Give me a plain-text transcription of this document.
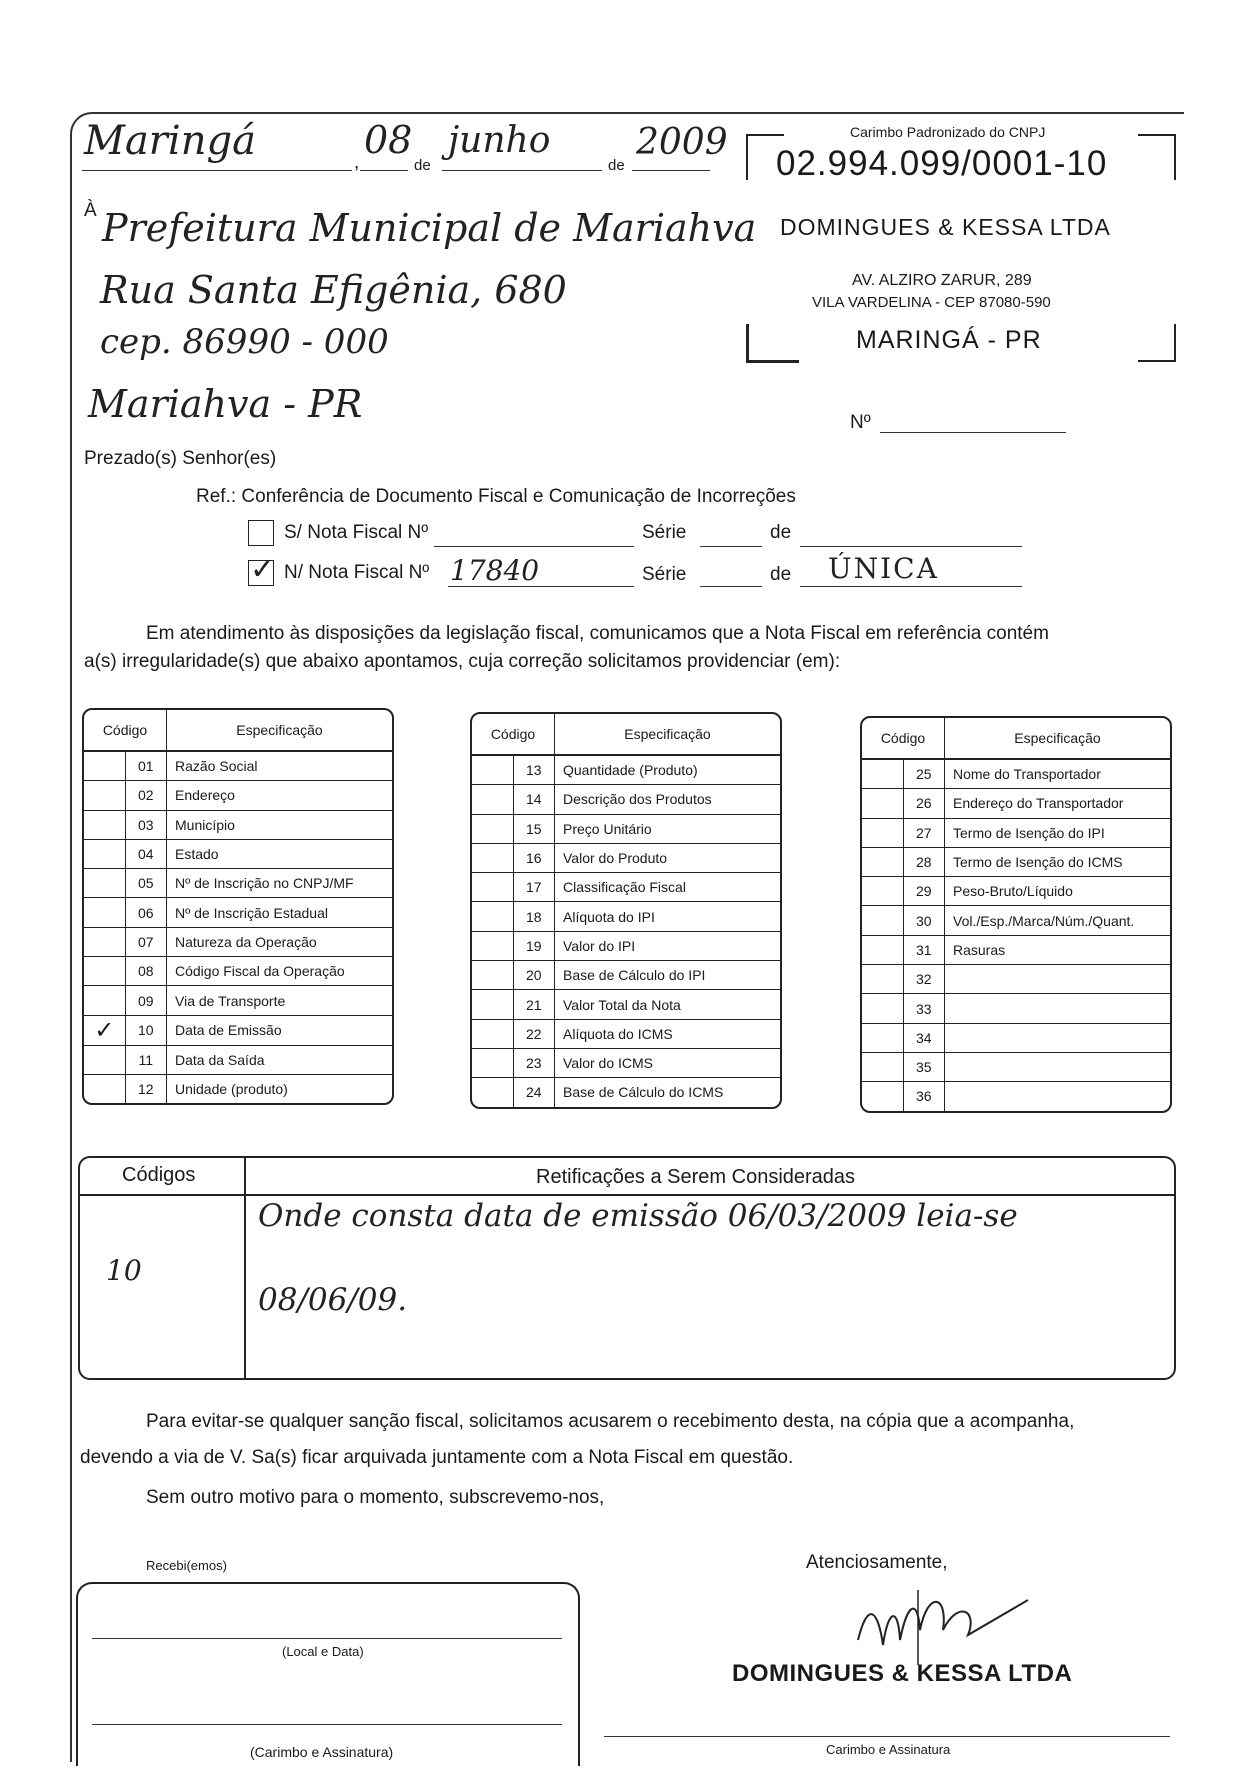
Maringá	,
08
de
junho
de
2009
À Prefeitura Municipal de Mariahva
Rua Santa Efigênia, 680
cep. 86990 - 000
Mariahva - PR
Carimbo Padronizado do CNPJ
02.994.099/0001-10
DOMINGUES & KESSA LTDA
AV. ALZIRO ZARUR, 289
VILA VARDELINA - CEP 87080-590
MARINGÁ - PR
Nº
Prezado(s) Senhor(es)
Ref.: Conferência de Documento Fiscal e Comunicação de Incorreções
S/ Nota Fiscal Nº	Série	de
✓ N/ Nota Fiscal Nº 17840	Série	de ÚNICA
Em atendimento às disposições da legislação fiscal, comunicamos que a Nota Fiscal em referência contém
a(s) irregularidade(s) que abaixo apontamos, cuja correção solicitamos providenciar (em):
Código		Especificação
	01	Razão Social
	02	Endereço
	03	Município
	04	Estado
	05	Nº de Inscrição no CNPJ/MF
	06	Nº de Inscrição Estadual
	07	Natureza da Operação
	08	Código Fiscal da Operação
	09	Via de Transporte
✓	10	Data de Emissão
	11	Data da Saída
	12	Unidade (produto)
Código		Especificação
	13	Quantidade (Produto)
	14	Descrição dos Produtos
	15	Preço Unitário
	16	Valor do Produto
	17	Classificação Fiscal
	18	Alíquota do IPI
	19	Valor do IPI
	20	Base de Cálculo do IPI
	21	Valor Total da Nota
	22	Alíquota do ICMS
	23	Valor do ICMS
	24	Base de Cálculo do ICMS
Código		Especificação
	25	Nome do Transportador
	26	Endereço do Transportador
	27	Termo de Isenção do IPI
	28	Termo de Isenção do ICMS
	29	Peso-Bruto/Líquido
	30	Vol./Esp./Marca/Núm./Quant.
	31	Rasuras
	32	
	33	
	34	
	35	
	36	
Códigos	Retificações a Serem Consideradas
10
Onde consta data de emissão 06/03/2009 leia-se
08/06/09.
Para evitar-se qualquer sanção fiscal, solicitamos acusarem o recebimento desta, na cópia que a acompanha,
devendo a via de V. Sa(s) ficar arquivada juntamente com a Nota Fiscal em questão.
Sem outro motivo para o momento, subscrevemo-nos,
Recebi(emos)
(Local e Data)
(Carimbo e Assinatura)
Atenciosamente,
DOMINGUES & KESSA LTDA
Carimbo e Assinatura
